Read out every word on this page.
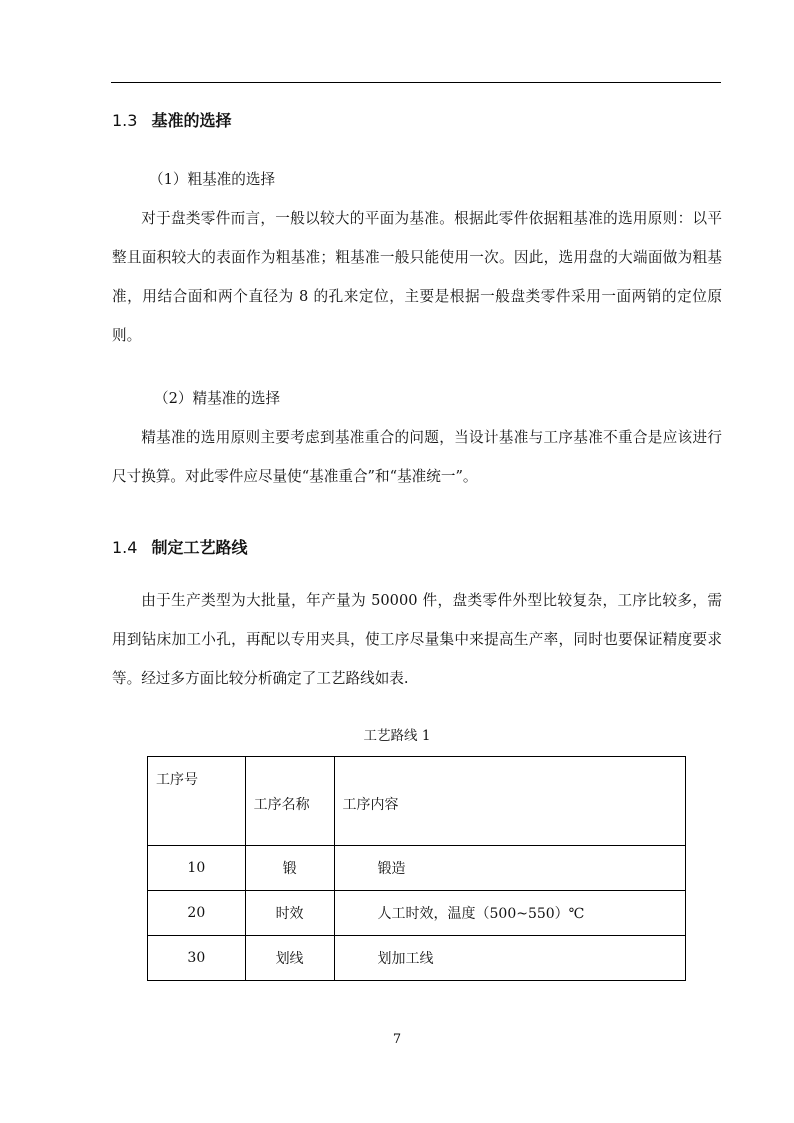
1.3 基准的选择
（1）粗基准的选择

对于盘类零件而言，一般以较大的平面为基准。根据此零件依据粗基准的选用原则：以平整且面积较大的表面作为粗基准；粗基准一般只能使用一次。因此，选用盘的大端面做为粗基准，用结合面和两个直径为 8 的孔来定位，主要是根据一般盘类零件采用一面两销的定位原则。

（2）精基准的选择

精基准的选用原则主要考虑到基准重合的问题，当设计基准与工序基准不重合是应该进行尺寸换算。对此零件应尽量使“基准重合”和“基准统一”。

1.4 制定工艺路线

由于生产类型为大批量，年产量为 50000 件，盘类零件外型比较复杂，工序比较多，需用到钻床加工小孔，再配以专用夹具，使工序尽量集中来提高生产率，同时也要保证精度要求等。经过多方面比较分析确定了工艺路线如表.

工艺路线 1
工序号	工序名称	工序内容

10	锻	锻造
20	时效	人工时效，温度（500~550）℃
30	划线	划加工线
7
